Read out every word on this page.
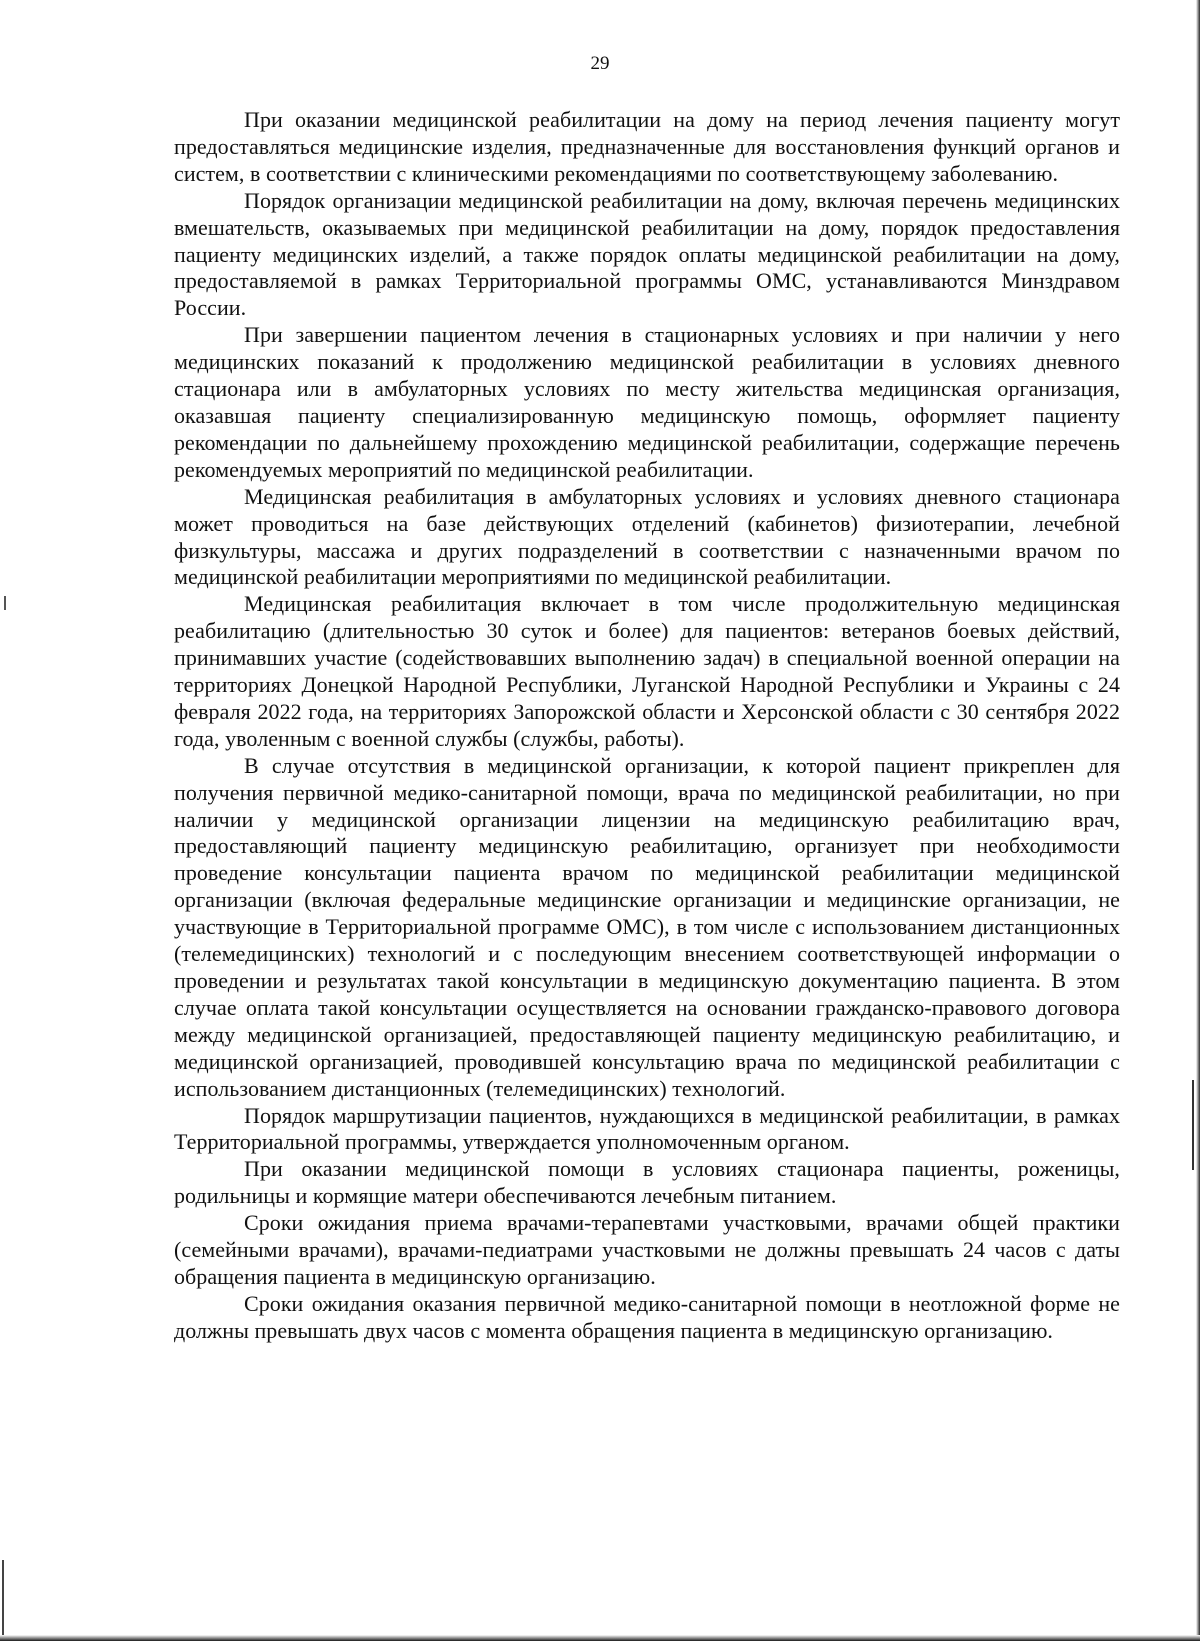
29

При оказании медицинской реабилитации на дому на период лечения пациенту могут предоставляться медицинские изделия, предназначенные для восстановления функций органов и систем, в соответствии с клиническими рекомендациями по соответствующему заболеванию.

Порядок организации медицинской реабилитации на дому, включая перечень медицинских вмешательств, оказываемых при медицинской реабилитации на дому, порядок предоставления пациенту медицинских изделий, а также порядок оплаты медицинской реабилитации на дому, предоставляемой в рамках Территориальной программы ОМС, устанавливаются Минздравом России.

При завершении пациентом лечения в стационарных условиях и при наличии у него медицинских показаний к продолжению медицинской реабилитации в условиях дневного стационара или в амбулаторных условиях по месту жительства медицинская организация, оказавшая пациенту специализированную медицинскую помощь, оформляет пациенту рекомендации по дальнейшему прохождению медицинской реабилитации, содержащие перечень рекомендуемых мероприятий по медицинской реабилитации.

Медицинская реабилитация в амбулаторных условиях и условиях дневного стационара может проводиться на базе действующих отделений (кабинетов) физиотерапии, лечебной физкультуры, массажа и других подразделений в соответствии с назначенными врачом по медицинской реабилитации мероприятиями по медицинской реабилитации.

Медицинская реабилитация включает в том числе продолжительную медицинская реабилитацию (длительностью 30 суток и более) для пациентов: ветеранов боевых действий, принимавших участие (содействовавших выполнению задач) в специальной военной операции на территориях Донецкой Народной Республики, Луганской Народной Республики и Украины с 24 февраля 2022 года, на территориях Запорожской области и Херсонской области с 30 сентября 2022 года, уволенным с военной службы (службы, работы).

В случае отсутствия в медицинской организации, к которой пациент прикреплен для получения первичной медико-санитарной помощи, врача по медицинской реабилитации, но при наличии у медицинской организации лицензии на медицинскую реабилитацию врач, предоставляющий пациенту медицинскую реабилитацию, организует при необходимости проведение консультации пациента врачом по медицинской реабилитации медицинской организации (включая федеральные медицинские организации и медицинские организации, не участвующие в Территориальной программе ОМС), в том числе с использованием дистанционных (телемедицинских) технологий и с последующим внесением соответствующей информации о проведении и результатах такой консультации в медицинскую документацию пациента. В этом случае оплата такой консультации осуществляется на основании гражданско-правового договора между медицинской организацией, предоставляющей пациенту медицинскую реабилитацию, и медицинской организацией, проводившей консультацию врача по медицинской реабилитации с использованием дистанционных (телемедицинских) технологий.

Порядок маршрутизации пациентов, нуждающихся в медицинской реабилитации, в рамках Территориальной программы, утверждается уполномоченным органом.

При оказании медицинской помощи в условиях стационара пациенты, роженицы, родильницы и кормящие матери обеспечиваются лечебным питанием.

Сроки ожидания приема врачами-терапевтами участковыми, врачами общей практики (семейными врачами), врачами-педиатрами участковыми не должны превышать 24 часов с даты обращения пациента в медицинскую организацию.

Сроки ожидания оказания первичной медико-санитарной помощи в неотложной форме не должны превышать двух часов с момента обращения пациента в медицинскую организацию.
